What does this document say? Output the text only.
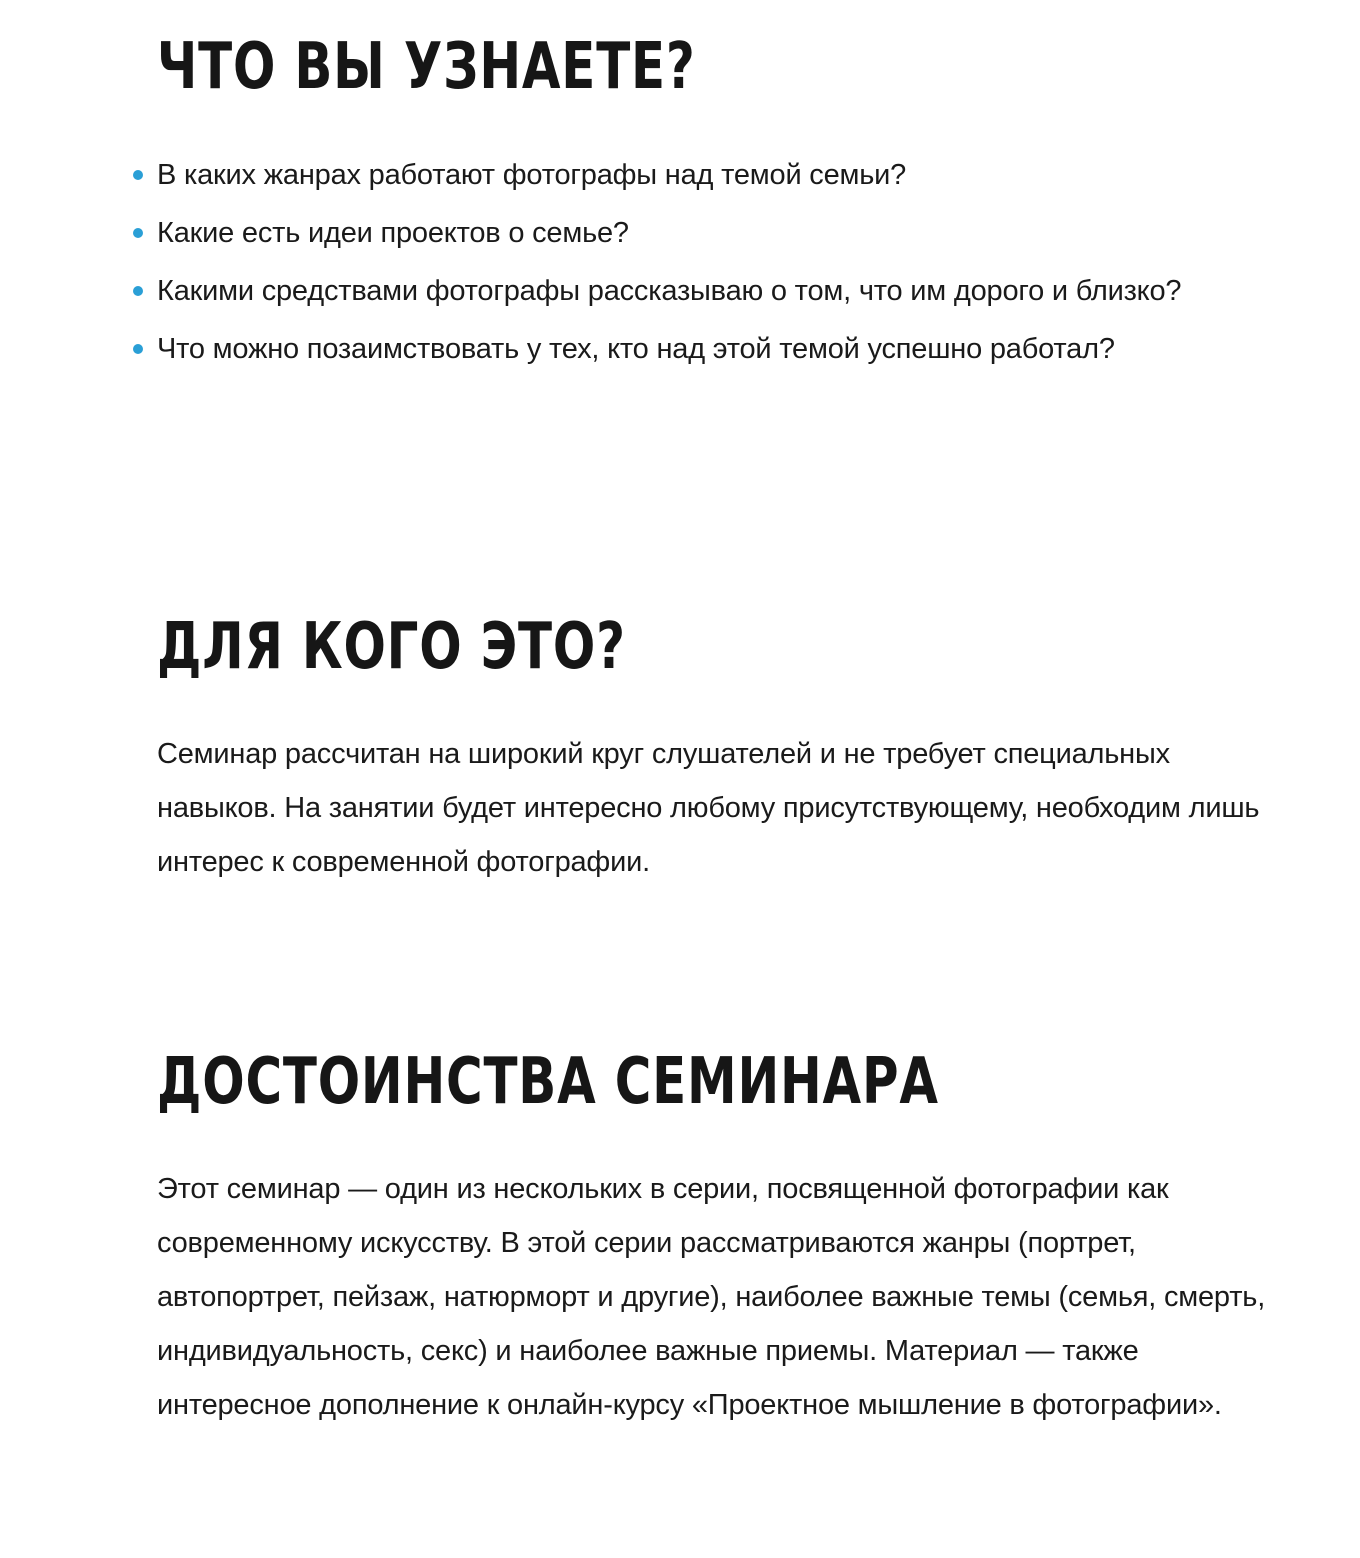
ЧТО ВЫ УЗНАЕТЕ?
В каких жанрах работают фотографы над темой семьи?
Какие есть идеи проектов о семье?
Какими средствами фотографы рассказываю о том, что им дорого и близко?
Что можно позаимствовать у тех, кто над этой темой успешно работал?
ДЛЯ КОГО ЭТО?

Семинар рассчитан на широкий круг слушателей и не требует специальных

навыков. На занятии будет интересно любому присутствующему, необходим лишь

интерес к современной фотографии.

ДОСТОИНСТВА СЕМИНАРА

Этот семинар — один из нескольких в серии, посвященной фотографии как

современному искусству. В этой серии рассматриваются жанры (портрет,

автопортрет, пейзаж, натюрморт и другие), наиболее важные темы (семья, смерть,

индивидуальность, секс) и наиболее важные приемы. Материал — также

интересное дополнение к онлайн-курсу «Проектное мышление в фотографии».
